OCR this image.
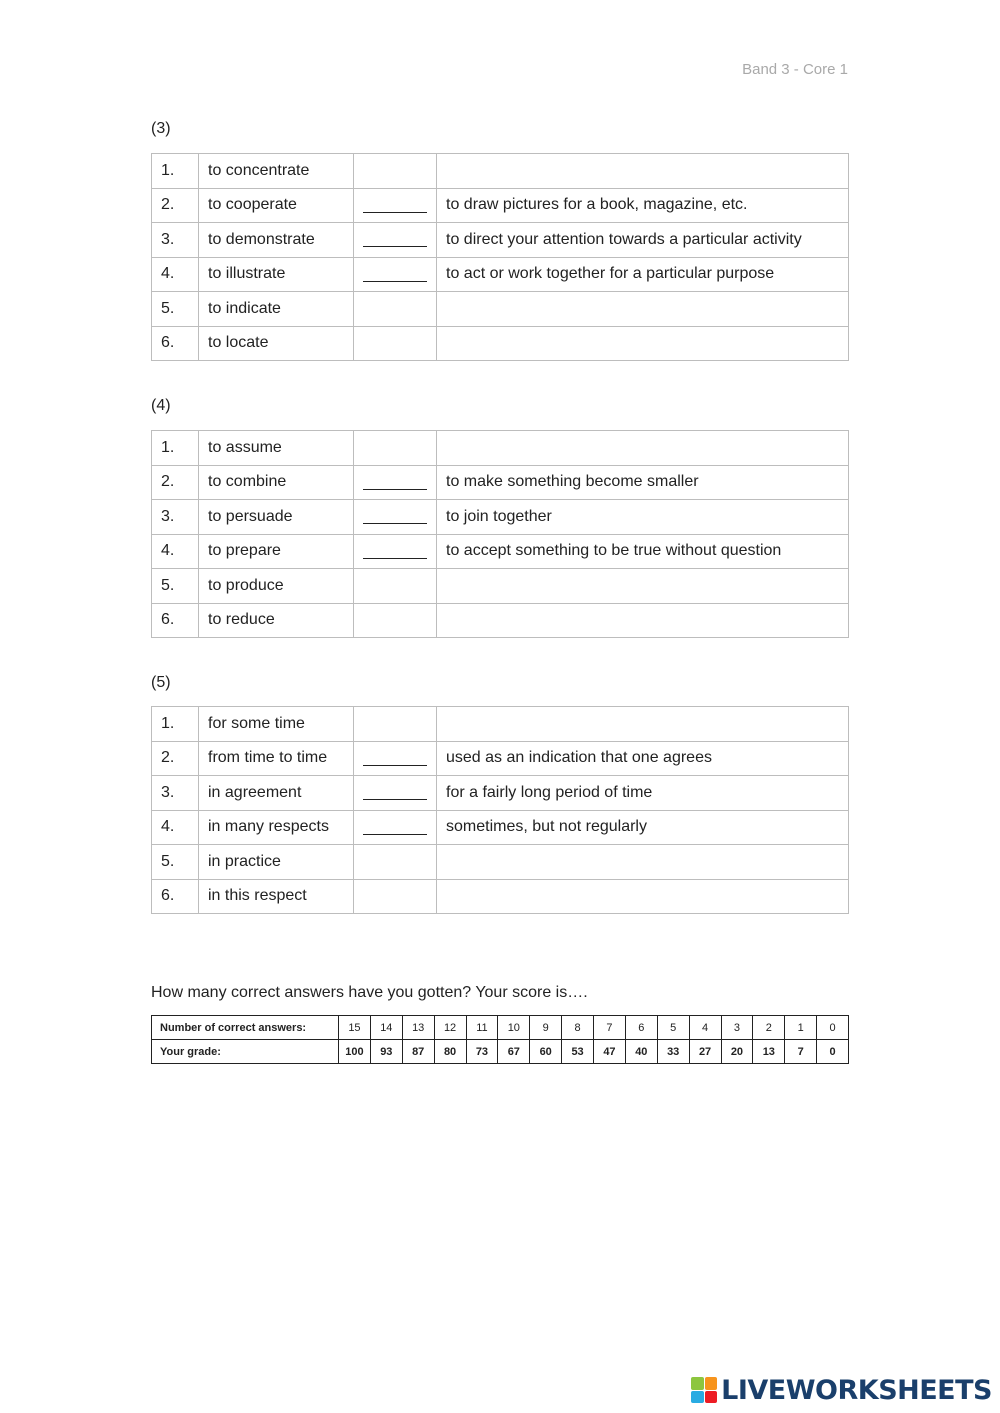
Band 3 - Core 1
(3)
1.	to concentrate		
2.	to cooperate		to draw pictures for a book, magazine, etc.
3.	to demonstrate		to direct your attention towards a particular activity
4.	to illustrate		to act or work together for a particular purpose
5.	to indicate		
6.	to locate		
(4)
1.	to assume		
2.	to combine		to make something become smaller
3.	to persuade		to join together
4.	to prepare		to accept something to be true without question
5.	to produce		
6.	to reduce		
(5)
1.	for some time		
2.	from time to time		used as an indication that one agrees
3.	in agreement		for a fairly long period of time
4.	in many respects		sometimes, but not regularly
5.	in practice		
6.	in this respect		
How many correct answers have you gotten? Your score is….
Number of correct answers:	15	14	13	12	11	10	9	8	7	6	5	4	3	2	1	0
Your grade:	100	93	87	80	73	67	60	53	47	40	33	27	20	13	7	0
LIVEWORKSHEETS
